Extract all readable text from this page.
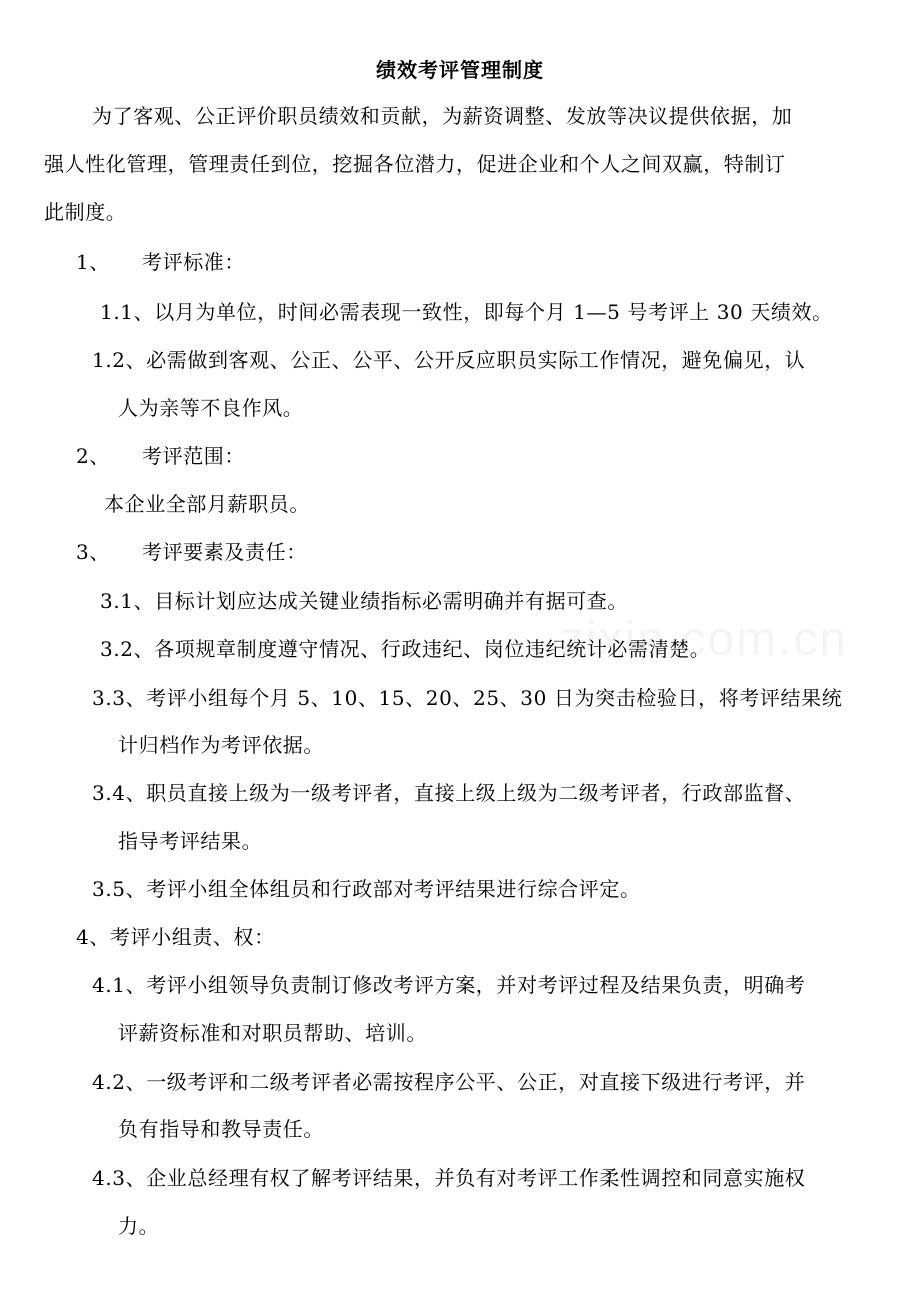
绩效考评管理制度
为了客观、公正评价职员绩效和贡献，为薪资调整、发放等决议提供依据，加
强人性化管理，管理责任到位，挖掘各位潜力，促进企业和个人之间双赢，特制订
此制度。
1、 考评标准：
1.1、以月为单位，时间必需表现一致性，即每个月 1—5 号考评上 30 天绩效。
1.2、必需做到客观、公正、公平、公开反应职员实际工作情况，避免偏见，认
人为亲等不良作风。
2、 考评范围：
本企业全部月薪职员。
3、 考评要素及责任：
3.1、目标计划应达成关键业绩指标必需明确并有据可查。
3.2、各项规章制度遵守情况、行政违纪、岗位违纪统计必需清楚。
3.3、考评小组每个月 5、10、15、20、25、30 日为突击检验日，将考评结果统
计归档作为考评依据。
3.4、职员直接上级为一级考评者，直接上级上级为二级考评者，行政部监督、
指导考评结果。
3.5、考评小组全体组员和行政部对考评结果进行综合评定。
4、考评小组责、权：
4.1、考评小组领导负责制订修改考评方案，并对考评过程及结果负责，明确考
评薪资标准和对职员帮助、培训。
4.2、一级考评和二级考评者必需按程序公平、公正，对直接下级进行考评，并
负有指导和教导责任。
4.3、企业总经理有权了解考评结果，并负有对考评工作柔性调控和同意实施权
力。
